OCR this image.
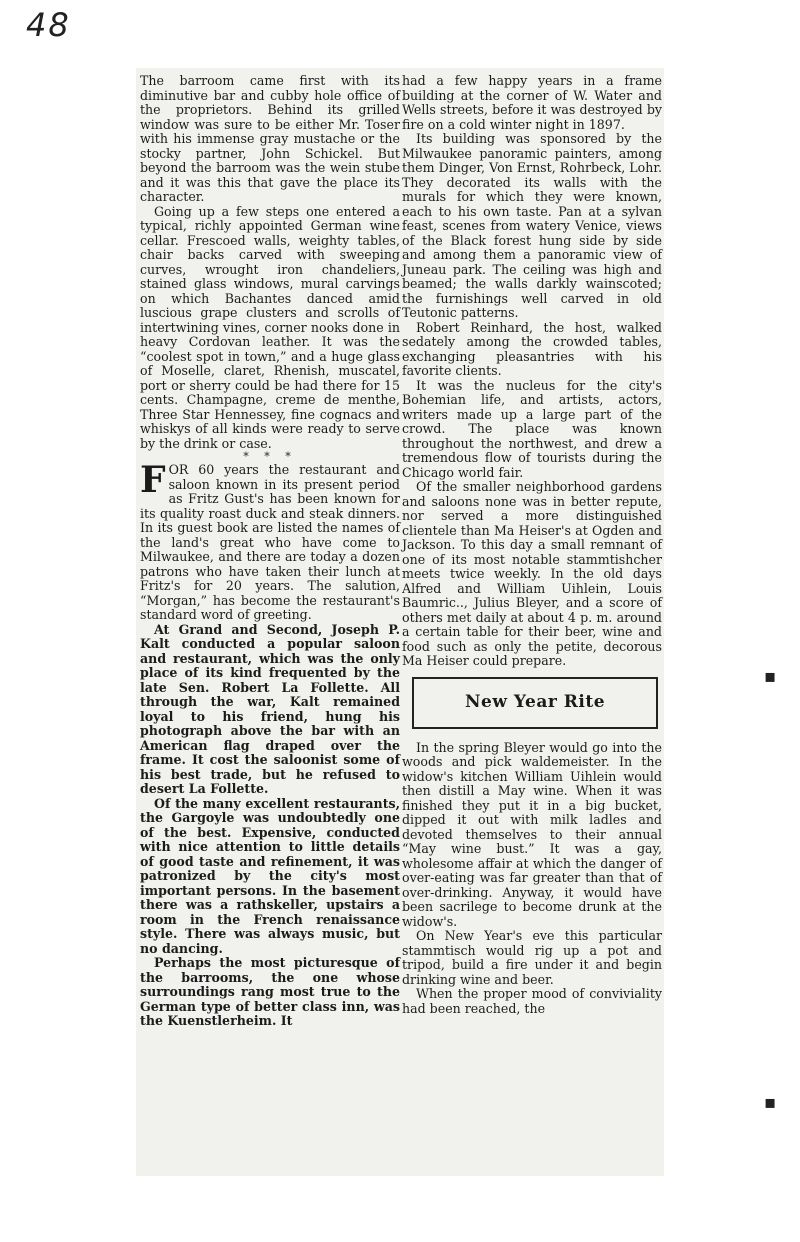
48

The barroom came first with its diminutive bar and cubby hole office of the proprietors. Behind its grilled window was sure to be either Mr. Toser with his immense gray mustache or the stocky partner, John Schickel. But beyond the barroom was the wein stube and it was this that gave the place its character.

Going up a few steps one entered a typical, richly appointed German wine cellar. Frescoed walls, weighty tables, chair backs carved with sweeping curves, wrought iron chandeliers, stained glass windows, mural carvings on which Bachantes danced amid luscious grape clusters and scrolls of intertwining vines, corner nooks done in heavy Cordovan leather. It was the “coolest spot in town,” and a huge glass of Moselle, claret, Rhenish, muscatel, port or sherry could be had there for 15 cents. Champagne, creme de menthe, Three Star Hennessey, fine cognacs and whiskys of all kinds were ready to serve by the drink or case.

* * *

FOR 60 years the restaurant and saloon known in its present period as Fritz Gust's has been known for its quality roast duck and steak dinners. In its guest book are listed the names of the land's great who have come to Milwaukee, and there are today a dozen patrons who have taken their lunch at Fritz's for 20 years. The salution, “Morgan,” has become the restaurant's standard word of greeting.

At Grand and Second, Joseph P. Kalt conducted a popular saloon and restaurant, which was the only place of its kind frequented by the late Sen. Robert La Follette. All through the war, Kalt remained loyal to his friend, hung his photograph above the bar with an American flag draped over the frame. It cost the saloonist some of his best trade, but he refused to desert La Follette.

Of the many excellent restaurants, the Gargoyle was undoubtedly one of the best. Expensive, conducted with nice attention to little details of good taste and refinement, it was patronized by the city's most important persons. In the basement there was a rathskeller, upstairs a room in the French renaissance style. There was always music, but no dancing.

Perhaps the most picturesque of the barrooms, the one whose surroundings rang most true to the German type of better class inn, was the Kuenstlerheim. It

had a few happy years in a frame building at the corner of W. Water and Wells streets, before it was destroyed by fire on a cold winter night in 1897.

Its building was sponsored by the Milwaukee panoramic painters, among them Dinger, Von Ernst, Rohrbeck, Lohr. They decorated its walls with the murals for which they were known, each to his own taste. Pan at a sylvan feast, scenes from watery Venice, views of the Black forest hung side by side and among them a panoramic view of Juneau park. The ceiling was high and beamed; the walls darkly wainscoted; the furnishings well carved in old Teutonic patterns.

Robert Reinhard, the host, walked sedately among the crowded tables, exchanging pleasantries with his favorite clients.

It was the nucleus for the city's Bohemian life, and artists, actors, writers made up a large part of the crowd. The place was known throughout the northwest, and drew a tremendous flow of tourists during the Chicago world fair.

Of the smaller neighborhood gardens and saloons none was in better repute, nor served a more distinguished clientele than Ma Heiser's at Ogden and Jackson. To this day a small remnant of one of its most notable stammtishcher meets twice weekly. In the old days Alfred and William Uihlein, Louis Baumric.., Julius Bleyer, and a score of others met daily at about 4 p. m. around a certain table for their beer, wine and food such as only the petite, decorous Ma Heiser could prepare.

New Year Rite

In the spring Bleyer would go into the woods and pick waldemeister. In the widow's kitchen William Uihlein would then distill a May wine. When it was finished they put it in a big bucket, dipped it out with milk ladles and devoted themselves to their annual “May wine bust.” It was a gay, wholesome affair at which the danger of over-eating was far greater than that of over-drinking. Anyway, it would have been sacrilege to become drunk at the widow's.

On New Year's eve this particular stammtisch would rig up a pot and tripod, build a fire under it and begin drinking wine and beer.

When the proper mood of conviviality had been reached, the

▪
▪
